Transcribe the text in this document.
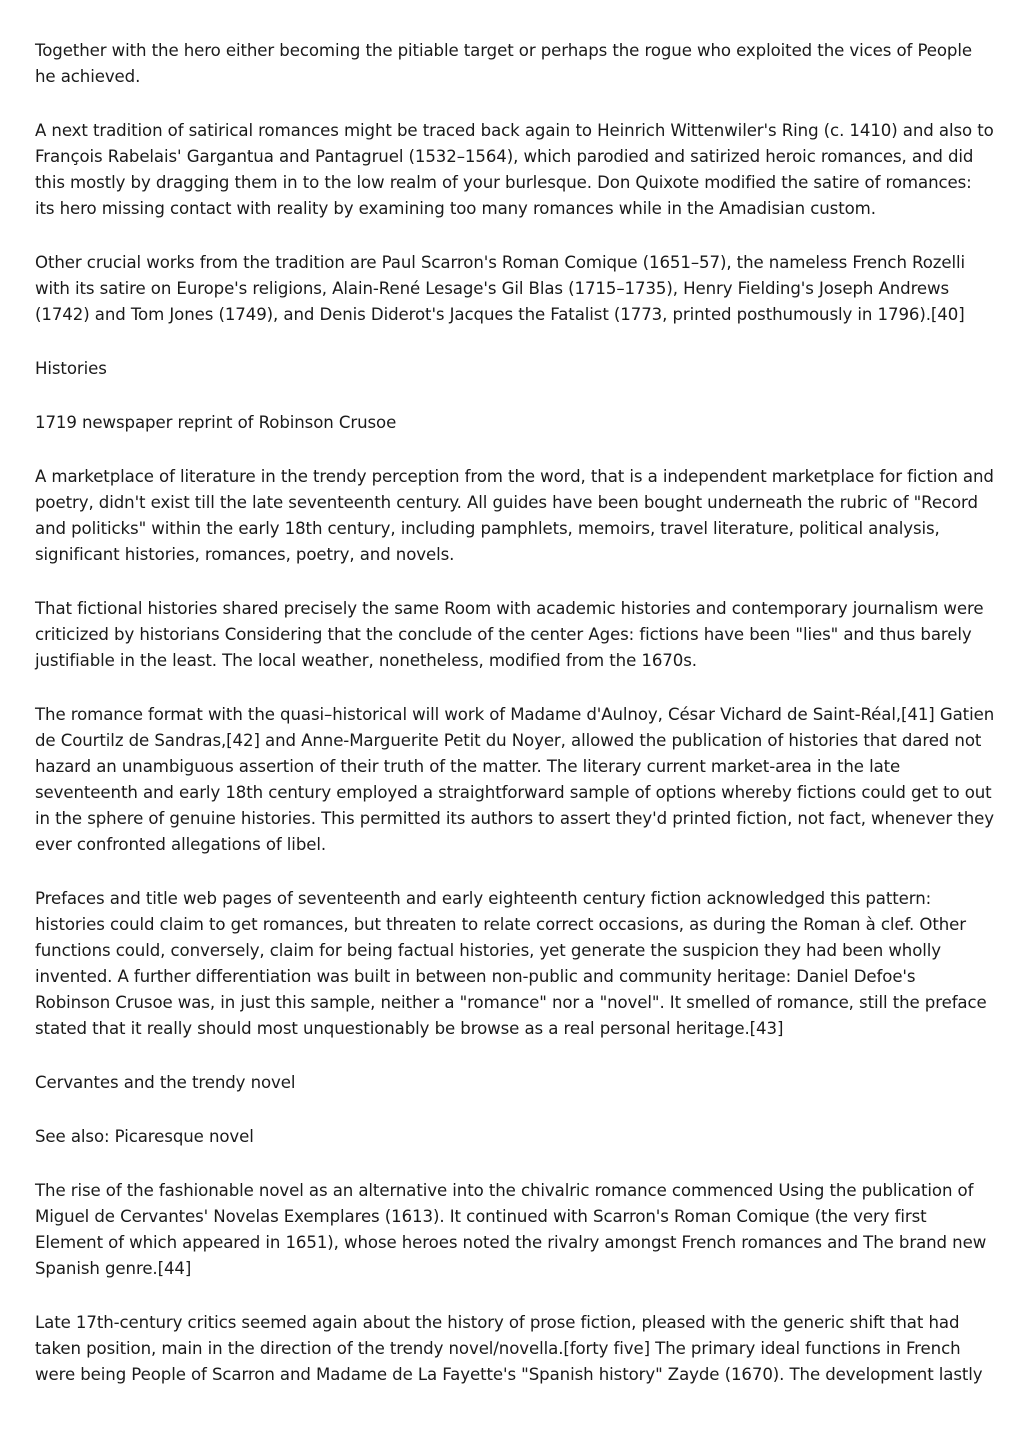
Together with the hero either becoming the pitiable target or perhaps the rogue who exploited the vices of People he achieved.

A next tradition of satirical romances might be traced back again to Heinrich Wittenwiler's Ring (c. 1410) and also to François Rabelais' Gargantua and Pantagruel (1532–1564), which parodied and satirized heroic romances, and did this mostly by dragging them in to the low realm of your burlesque. Don Quixote modified the satire of romances: its hero missing contact with reality by examining too many romances while in the Amadisian custom.

Other crucial works from the tradition are Paul Scarron's Roman Comique (1651–57), the nameless French Rozelli with its satire on Europe's religions, Alain-René Lesage's Gil Blas (1715–1735), Henry Fielding's Joseph Andrews (1742) and Tom Jones (1749), and Denis Diderot's Jacques the Fatalist (1773, printed posthumously in 1796).[40]

Histories

1719 newspaper reprint of Robinson Crusoe

A marketplace of literature in the trendy perception from the word, that is a independent marketplace for fiction and poetry, didn't exist till the late seventeenth century. All guides have been bought underneath the rubric of "Record and politicks" within the early 18th century, including pamphlets, memoirs, travel literature, political analysis, significant histories, romances, poetry, and novels.

That fictional histories shared precisely the same Room with academic histories and contemporary journalism were criticized by historians Considering that the conclude of the center Ages: fictions have been "lies" and thus barely justifiable in the least. The local weather, nonetheless, modified from the 1670s.

The romance format with the quasi–historical will work of Madame d'Aulnoy, César Vichard de Saint-Réal,[41] Gatien de Courtilz de Sandras,[42] and Anne-Marguerite Petit du Noyer, allowed the publication of histories that dared not hazard an unambiguous assertion of their truth of the matter. The literary current market-area in the late seventeenth and early 18th century employed a straightforward sample of options whereby fictions could get to out in the sphere of genuine histories. This permitted its authors to assert they'd printed fiction, not fact, whenever they ever confronted allegations of libel.

Prefaces and title web pages of seventeenth and early eighteenth century fiction acknowledged this pattern: histories could claim to get romances, but threaten to relate correct occasions, as during the Roman à clef. Other functions could, conversely, claim for being factual histories, yet generate the suspicion they had been wholly invented. A further differentiation was built in between non-public and community heritage: Daniel Defoe's Robinson Crusoe was, in just this sample, neither a "romance" nor a "novel". It smelled of romance, still the preface stated that it really should most unquestionably be browse as a real personal heritage.[43]

Cervantes and the trendy novel

See also: Picaresque novel

The rise of the fashionable novel as an alternative into the chivalric romance commenced Using the publication of Miguel de Cervantes' Novelas Exemplares (1613). It continued with Scarron's Roman Comique (the very first Element of which appeared in 1651), whose heroes noted the rivalry amongst French romances and The brand new Spanish genre.[44]

Late 17th-century critics seemed again about the history of prose fiction, pleased with the generic shift that had taken position, main in the direction of the trendy novel/novella.[forty five] The primary ideal functions in French were being People of Scarron and Madame de La Fayette's "Spanish history" Zayde (1670). The development lastly
